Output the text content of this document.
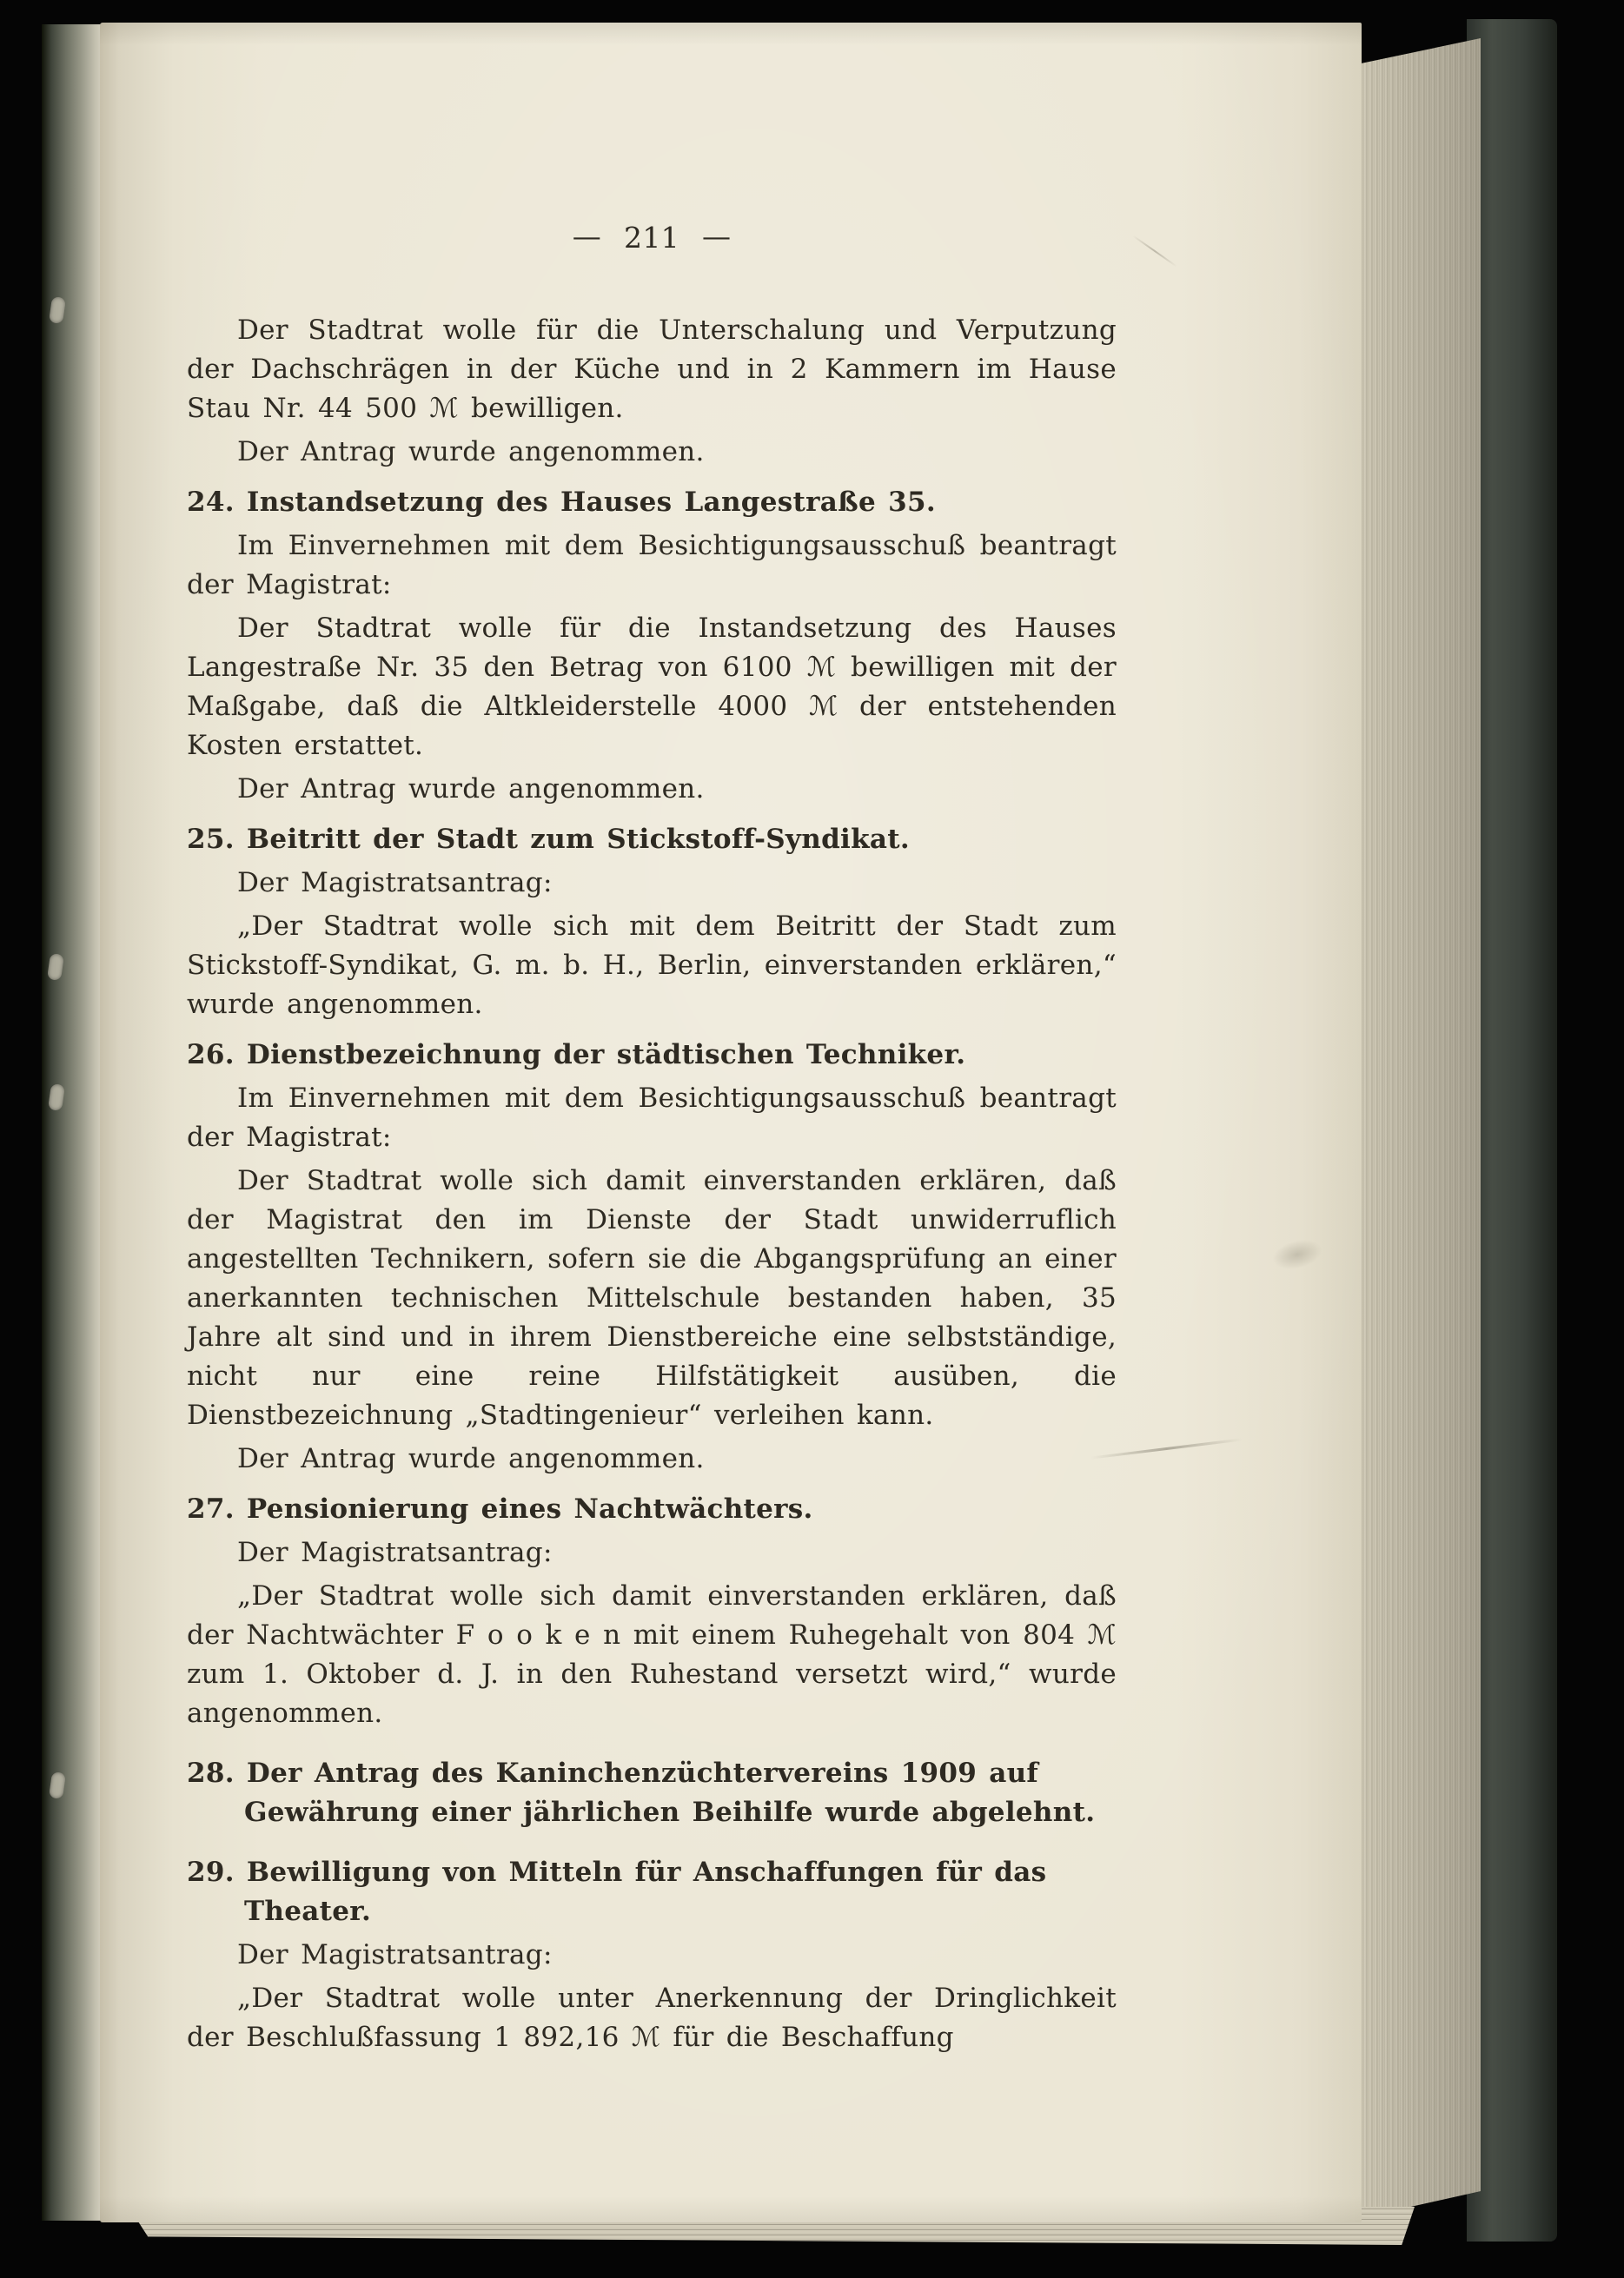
— 211 —

Der Stadtrat wolle für die Unterschalung und Verputzung der Dachschrägen in der Küche und in 2 Kammern im Hause Stau Nr. 44 500 ℳ bewilligen.

Der Antrag wurde angenommen.

24. Instandsetzung des Hauses Langestraße 35.

Im Einvernehmen mit dem Besichtigungsausschuß beantragt der Magistrat:

Der Stadtrat wolle für die Instandsetzung des Hauses Langestraße Nr. 35 den Betrag von 6100 ℳ bewilligen mit der Maßgabe, daß die Altkleiderstelle 4000 ℳ der entstehenden Kosten erstattet.

Der Antrag wurde angenommen.

25. Beitritt der Stadt zum Stickstoff-Syndikat.

Der Magistratsantrag:

„Der Stadtrat wolle sich mit dem Beitritt der Stadt zum Stickstoff-Syndikat, G. m. b. H., Berlin, einverstanden erklären,“ wurde angenommen.

26. Dienstbezeichnung der städtischen Techniker.

Im Einvernehmen mit dem Besichtigungsausschuß beantragt der Magistrat:

Der Stadtrat wolle sich damit einverstanden erklären, daß der Magistrat den im Dienste der Stadt unwiderruflich angestellten Technikern, sofern sie die Abgangsprüfung an einer anerkannten technischen Mittelschule bestanden haben, 35 Jahre alt sind und in ihrem Dienstbereiche eine selbstständige, nicht nur eine reine Hilfstätigkeit ausüben, die Dienstbezeichnung „Stadtingenieur“ verleihen kann.

Der Antrag wurde angenommen.

27. Pensionierung eines Nachtwächters.

Der Magistratsantrag:

„Der Stadtrat wolle sich damit einverstanden erklären, daß der Nachtwächter F o o k e n mit einem Ruhegehalt von 804 ℳ zum 1. Oktober d. J. in den Ruhestand versetzt wird,“ wurde angenommen.

28. Der Antrag des Kaninchenzüchtervereins 1909 auf Gewährung einer jährlichen Beihilfe wurde abgelehnt.

29. Bewilligung von Mitteln für Anschaffungen für das Theater.

Der Magistratsantrag:

„Der Stadtrat wolle unter Anerkennung der Dringlichkeit der Beschlußfassung 1 892,16 ℳ für die Beschaffung
